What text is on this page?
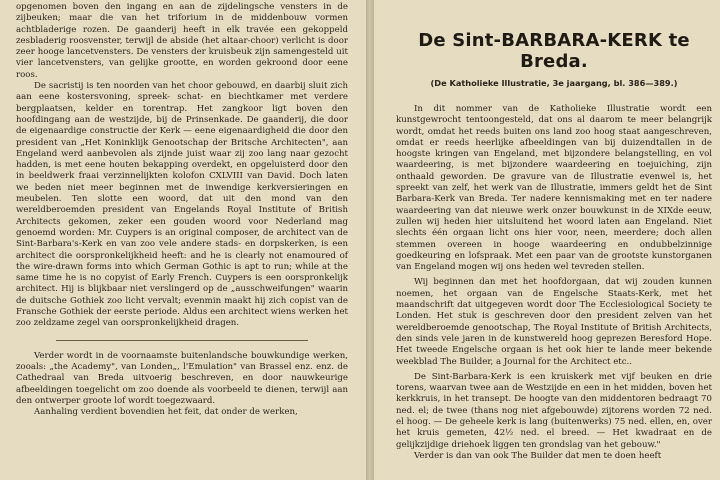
opgenomen boven den ingang en aan de zijdelingsche vensters in de zijbeuken; maar die van het triforium in de middenbouw vormen achtbladerige rozen. De gaanderij heeft in elk travée een gekoppeld zesbladerig roosvenster, terwijl de abside (het altaar-choor) verlicht is door zeer hooge lancetvensters. De vensters der kruisbeuk zijn samengesteld uit vier lancetvensters, van gelijke grootte, en worden gekroond door eene roos.

De sacristij is ten noorden van het choor gebouwd, en daarbij sluit zich aan eene kostersvoning, spreek- schat- en biechtkamer met verdere bergplaatsen, kelder en torentrap. Het zangkoor ligt boven den hoofdingang aan de westzijde, bij de Prinsenkade. De gaanderij, die door de eigenaardige constructie der Kerk — eene eigenaardigheid die door den president van „Het Koninklijk Genootschap der Britsche Architecten", aan Engeland werd aanbevolen als zijnde juist waar zij zoo lang naar gezocht hadden, is met eene houten bekapping overdekt, en opgeluisterd door den in beeldwerk fraai verzinnelijkten kolofon CXLVIII van David. Doch laten we beden niet meer beginnen met de inwendige kerkversieringen en meubelen. Ten slotte een woord, dat uit den mond van den wereldberoemden president van Engelands Royal Institute of British Architects gekomen, zeker een gouden woord voor Nederland mag genoemd worden: Mr. Cuypers is an original composer, de architect van de Sint-Barbara's-Kerk en van zoo vele andere stads- en dorpskerken, is een architect die oorspronkelijkheid heeft: and he is clearly not enamoured of the wire-drawn forms into which German Gothic is apt to run; while at the same time he is no copyist of Early French. Cuypers is een oorspronkelijk architect. Hij is blijkbaar niet verslingerd op de „ausschweifungen" waarin de duitsche Gothiek zoo licht vervalt; evenmin maakt hij zich copist van de Fransche Gothiek der eerste periode. Aldus een architect wiens werken het zoo zeldzame zegel van oorspronkelijkheid dragen.

Verder wordt in de voornaamste buitenlandsche bouwkundige werken, zooals: „the Academy", van Londen„, l'Emulation" van Brassel enz. enz. de Cathedraal van Breda uitvoerig beschreven, en door nauwkeurige afbeeldingen toegelicht om zoo doende als voorbeeld te dienen, terwijl aan den ontwerper groote lof wordt toegezwaard.

Aanhaling verdient bovendien het feit, dat onder de werken,

De Sint-BARBARA-KERK te Breda.
(De Katholieke Illustratie, 3e jaargang, bl. 386—389.)

In dit nommer van de Katholieke Illustratie wordt een kunstgewrocht tentoongesteld, dat ons al daarom te meer belangrijk wordt, omdat het reeds buiten ons land zoo hoog staat aangeschreven, omdat er reeds heerlijke afbeeldingen van bij duizendtallen in de hoogste kringen van Engeland, met bijzondere belangstelling, en vol waardeering, is met bijzondere waardeering en toejuiching, zijn onthaald geworden. De gravure van de Illustratie evenwel is, het spreekt van zelf, het werk van de Illustratie, immers geldt het de Sint Barbara-Kerk van Breda. Ter nadere kennismaking met en ter nadere waardeering van dat nieuwe werk onzer bouwkunst in de XIXde eeuw, zullen wij heden hier uitsluitend het woord laten aan Engeland. Niet slechts één orgaan licht ons hier voor, neen, meerdere; doch allen stemmen overeen in hooge waardeering en ondubbelzinnige goedkeuring en lofspraak. Met een paar van de grootste kunstorganen van Engeland mogen wij ons heden wel tevreden stellen.

Wij beginnen dan met het hoofdorgaan, dat wij zouden kunnen noemen, het orgaan van de Engelsche Staats-Kerk, met het maandschrift dat uitgegeven wordt door The Ecclesiological Society te Londen. Het stuk is geschreven door den president zelven van het wereldberoemde genootschap, The Royal Institute of British Architects, den sinds vele jaren in de kunstwereld hoog geprezen Beresford Hope. Het tweede Engelsche orgaan is het ook hier te lande meer bekende weekblad The Builder, a Journal for the Architect etc..

De Sint-Barbara-Kerk is een kruiskerk met vijf beuken en drie torens, waarvan twee aan de Westzijde en een in het midden, boven het kerkkruis, in het transept. De hoogte van den middentoren bedraagt 70 ned. el; de twee (thans nog niet afgebouwde) zijtorens worden 72 ned. el hoog. — De geheele kerk is lang (buitenwerks) 75 ned. ellen, en, over het kruis gemeten, 42½ ned. el breed. — Het kwadraat en de gelijkzijdige driehoek liggen ten grondslag van het gebouw."

Verder is dan van ook The Builder dat men te doen heeft
